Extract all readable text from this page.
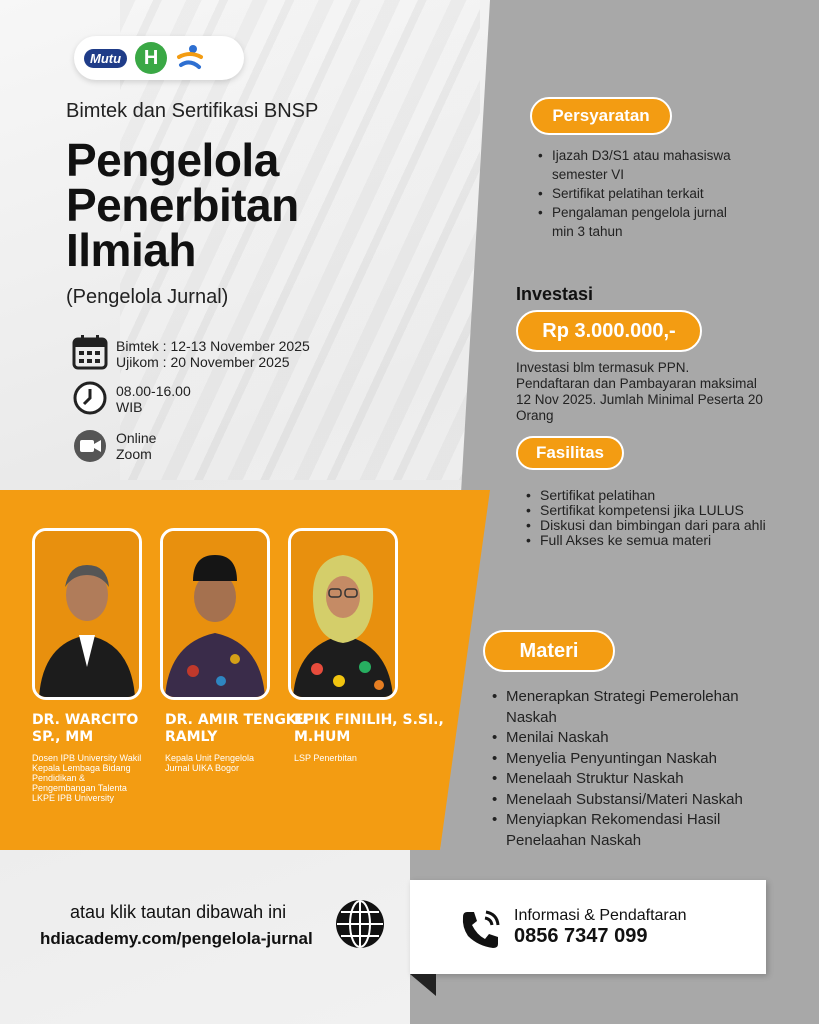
Mutu	H
Bimtek dan Sertifikasi BNSP
Pengelola
Penerbitan
Ilmiah
(Pengelola Jurnal)
Bimtek : 12-13 November 2025
Ujikom : 20 November 2025
08.00-16.00
WIB
Online
Zoom
Persyaratan
• Ijazah D3/S1 atau mahasiswa semester VI
• Sertifikat pelatihan terkait
• Pengalaman pengelola jurnal min 3 tahun
Investasi
Rp 3.000.000,-
Investasi blm termasuk PPN. Pendaftaran dan Pambayaran maksimal 12 Nov 2025. Jumlah Minimal Peserta 20 Orang
Fasilitas
• Sertifikat pelatihan
• Sertifikat kompetensi jika LULUS
• Diskusi dan bimbingan dari para ahli
• Full Akses ke semua materi
Materi
• Menerapkan Strategi Pemerolehan Naskah
• Menilai Naskah
• Menyelia Penyuntingan Naskah
• Menelaah Struktur Naskah
• Menelaah Substansi/Materi Naskah
• Menyiapkan Rekomendasi Hasil Penelaahan Naskah
DR. WARCITO
SP., MM
Dosen IPB University Wakil Kepala Lembaga Bidang Pendidikan & Pengembangan Talenta LKPE IPB University
DR. AMIR TENGKU
RAMLY
Kepala Unit Pengelola Jurnal UIKA Bogor
EPIK FINILIH, S.SI.,
M.HUM
LSP Penerbitan
atau klik tautan dibawah ini
hdiacademy.com/pengelola-jurnal
Informasi & Pendaftaran
0856 7347 099
